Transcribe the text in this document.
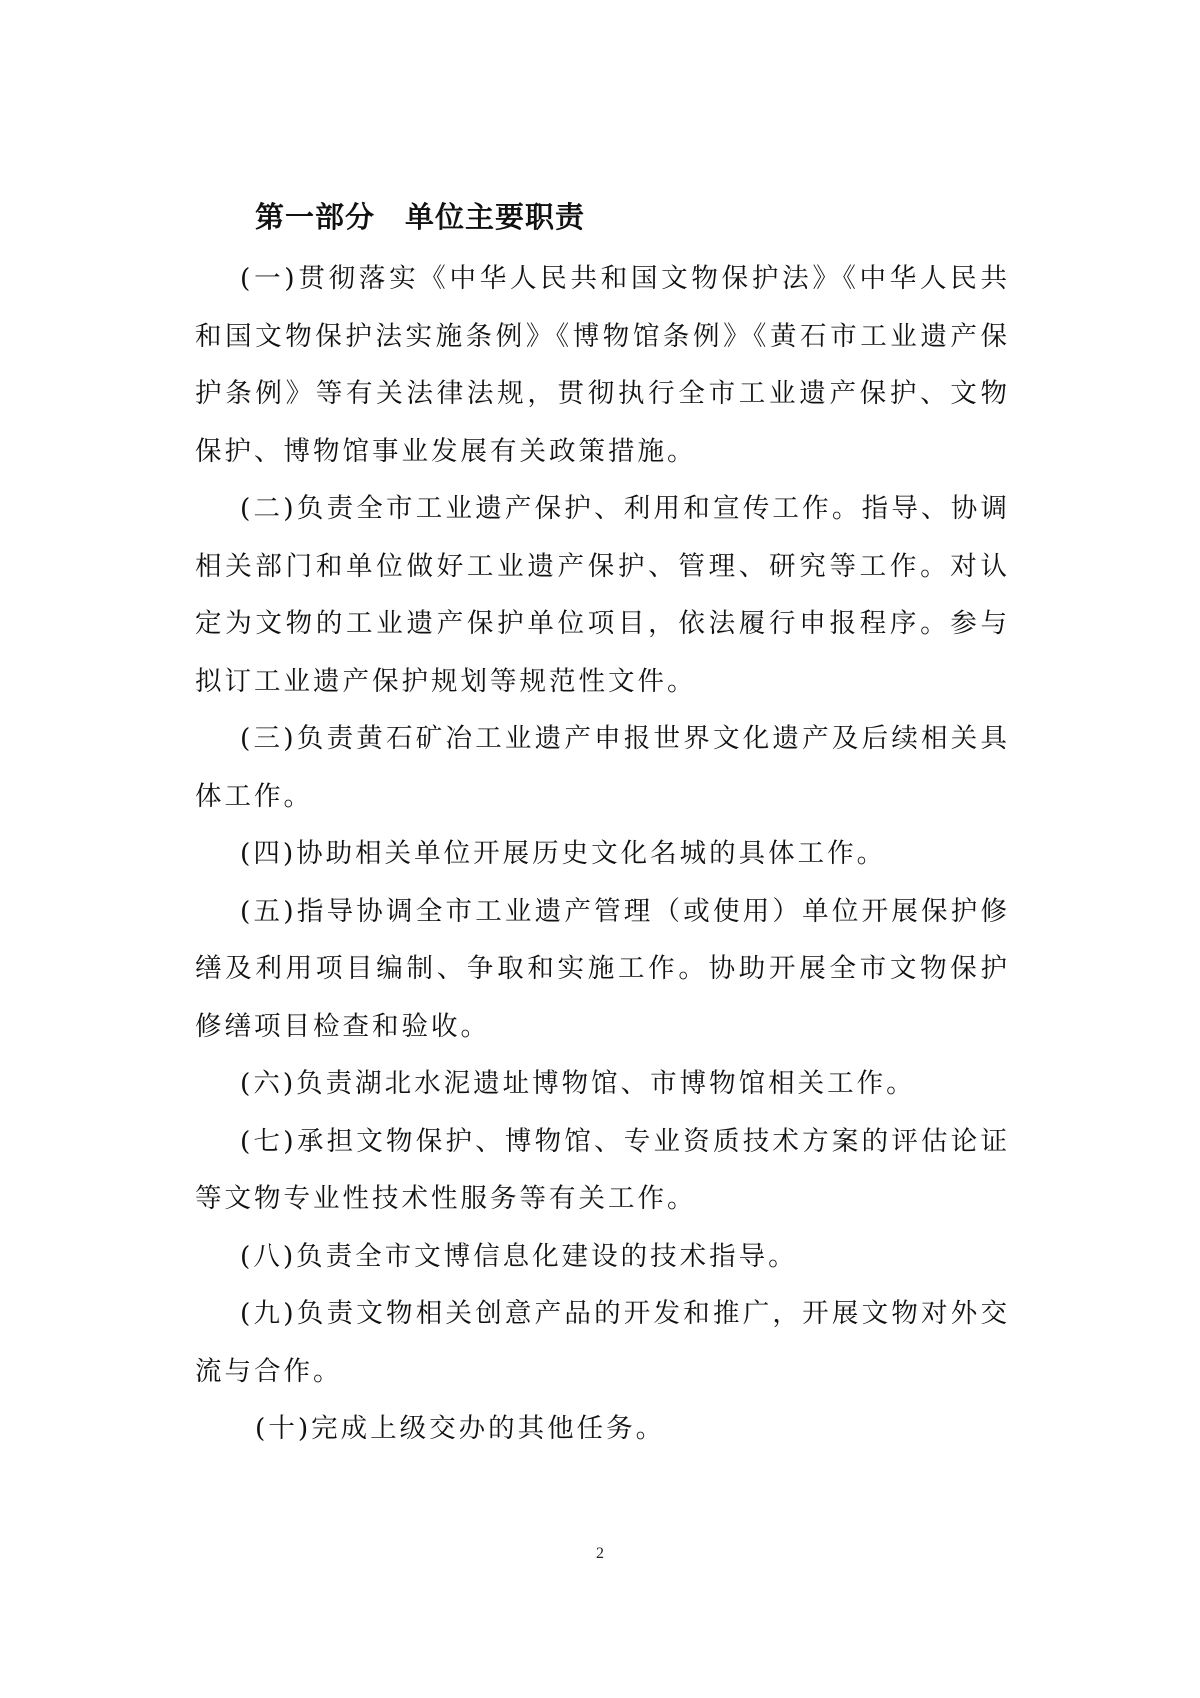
第一部分　单位主要职责

(一)贯彻落实《中华人民共和国文物保护法》《中华人民共和国文物保护法实施条例》《博物馆条例》《黄石市工业遗产保护条例》等有关法律法规，贯彻执行全市工业遗产保护、文物保护、博物馆事业发展有关政策措施。

(二)负责全市工业遗产保护、利用和宣传工作。指导、协调相关部门和单位做好工业遗产保护、管理、研究等工作。对认定为文物的工业遗产保护单位项目，依法履行申报程序。参与拟订工业遗产保护规划等规范性文件。

(三)负责黄石矿冶工业遗产申报世界文化遗产及后续相关具体工作。

(四)协助相关单位开展历史文化名城的具体工作。

(五)指导协调全市工业遗产管理（或使用）单位开展保护修缮及利用项目编制、争取和实施工作。协助开展全市文物保护修缮项目检查和验收。

(六)负责湖北水泥遗址博物馆、市博物馆相关工作。

(七)承担文物保护、博物馆、专业资质技术方案的评估论证等文物专业性技术性服务等有关工作。

(八)负责全市文博信息化建设的技术指导。

(九)负责文物相关创意产品的开发和推广，开展文物对外交流与合作。

(十)完成上级交办的其他任务。

2
